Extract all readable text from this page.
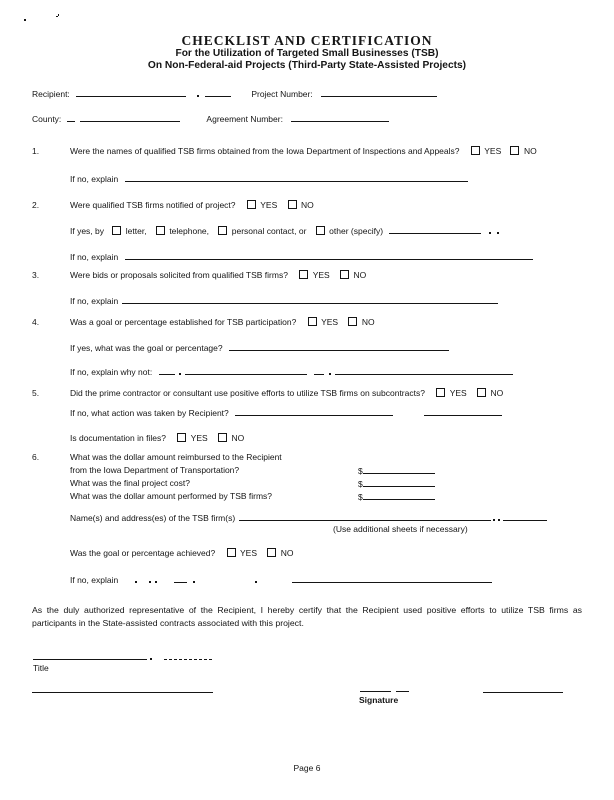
CHECKLIST AND CERTIFICATION
For the Utilization of Targeted Small Businesses (TSB)
On Non-Federal-aid Projects (Third-Party State-Assisted Projects)
Recipient:	Project Number:
County:	Agreement Number:
1.	Were the names of qualified TSB firms obtained from the Iowa Department of Inspections and Appeals?	YES	NO
If no, explain
2.	Were qualified TSB firms notified of project?	YES	NO
If yes, by	letter,	telephone,	personal contact, or	other (specify)
If no, explain
3.	Were bids or proposals solicited from qualified TSB firms?	YES	NO
If no, explain
4.	Was a goal or percentage established for TSB participation?	YES	NO
If yes, what was the goal or percentage?
If no, explain why not:
5.	Did the prime contractor or consultant use positive efforts to utilize TSB firms on subcontracts?	YES	NO
If no, what action was taken by Recipient?
Is documentation in files?	YES	NO
6.	What was the dollar amount reimbursed to the Recipient
from the Iowa Department of Transportation?	$
What was the final project cost?	$
What was the dollar amount performed by TSB firms?	$
Name(s) and address(es) of the TSB firm(s)
(Use additional sheets if necessary)
Was the goal or percentage achieved?	YES	NO
If no, explain
As the duly authorized representative of the Recipient, I hereby certify that the Recipient used positive efforts to utilize TSB firms as participants in the State-assisted contracts associated with this project.
Title
Signature
Page 6
